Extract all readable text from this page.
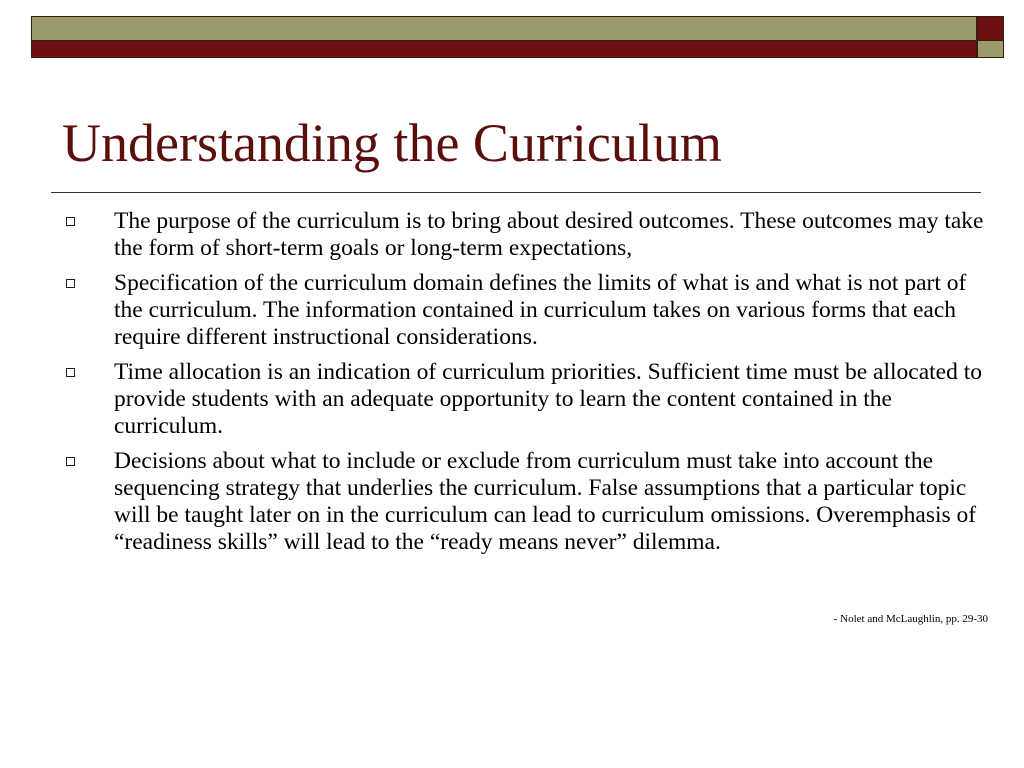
Understanding the Curriculum
The purpose of the curriculum is to bring about desired outcomes. These outcomes may take the form of short-term goals or long-term expectations,
Specification of the curriculum domain defines the limits of what is and what is not part of the curriculum. The information contained in curriculum takes on various forms that each require different instructional considerations.
Time allocation is an indication of curriculum priorities. Sufficient time must be allocated to provide students with an adequate opportunity to learn the content contained in the curriculum.
Decisions about what to include or exclude from curriculum must take into account the sequencing strategy that underlies the curriculum. False assumptions that a particular topic will be taught later on in the curriculum can lead to curriculum omissions. Overemphasis of “readiness skills” will lead to the “ready means never” dilemma.
- Nolet and McLaughlin, pp. 29-30
